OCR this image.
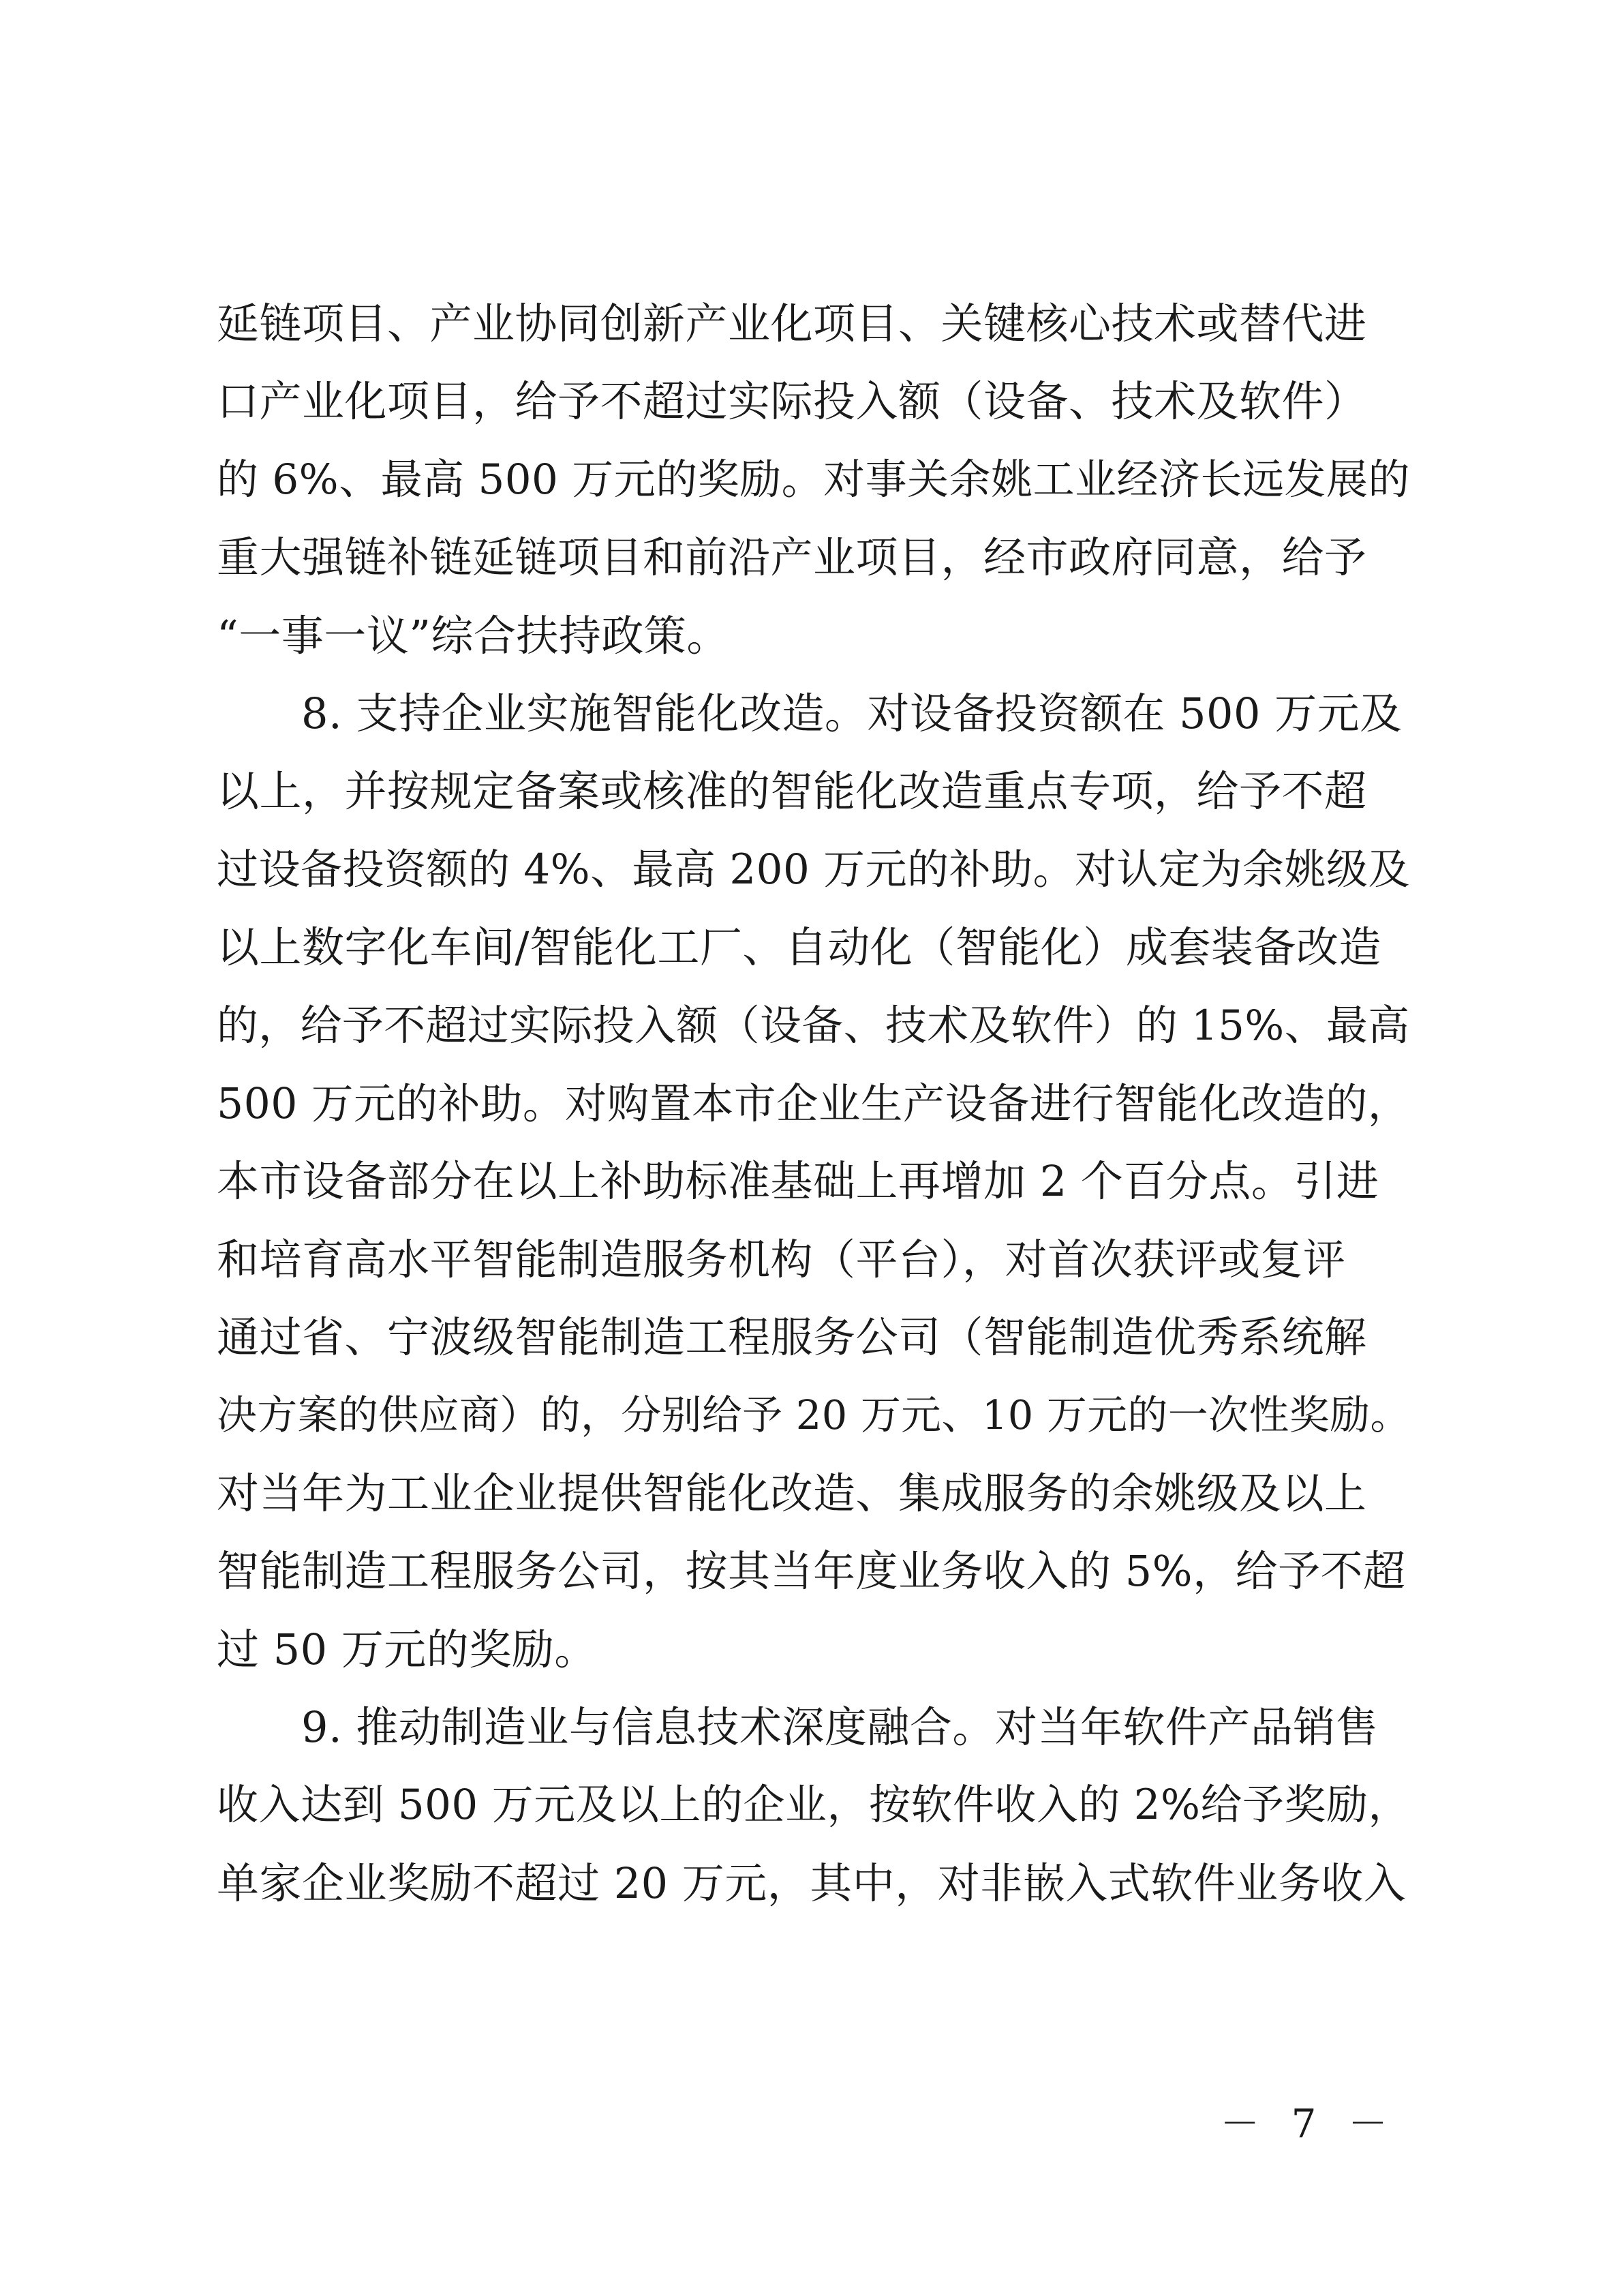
延链项目、产业协同创新产业化项目、关键核心技术或替代进
口产业化项目，给予不超过实际投入额（设备、技术及软件）
的 6%、最高 500 万元的奖励。对事关余姚工业经济长远发展的
重大强链补链延链项目和前沿产业项目，经市政府同意，给予
“一事一议”综合扶持政策。
8. 支持企业实施智能化改造。对设备投资额在 500 万元及
以上，并按规定备案或核准的智能化改造重点专项，给予不超
过设备投资额的 4%、最高 200 万元的补助。对认定为余姚级及
以上数字化车间/智能化工厂、自动化（智能化）成套装备改造
的，给予不超过实际投入额（设备、技术及软件）的 15%、最高
500 万元的补助。对购置本市企业生产设备进行智能化改造的，
本市设备部分在以上补助标准基础上再增加 2 个百分点。引进
和培育高水平智能制造服务机构（平台），对首次获评或复评
通过省、宁波级智能制造工程服务公司（智能制造优秀系统解
决方案的供应商）的，分别给予 20 万元、10 万元的一次性奖励。
对当年为工业企业提供智能化改造、集成服务的余姚级及以上
智能制造工程服务公司，按其当年度业务收入的 5%，给予不超
过 50 万元的奖励。
9. 推动制造业与信息技术深度融合。对当年软件产品销售
收入达到 500 万元及以上的企业，按软件收入的 2%给予奖励，
单家企业奖励不超过 20 万元，其中，对非嵌入式软件业务收入
－ 7 －
